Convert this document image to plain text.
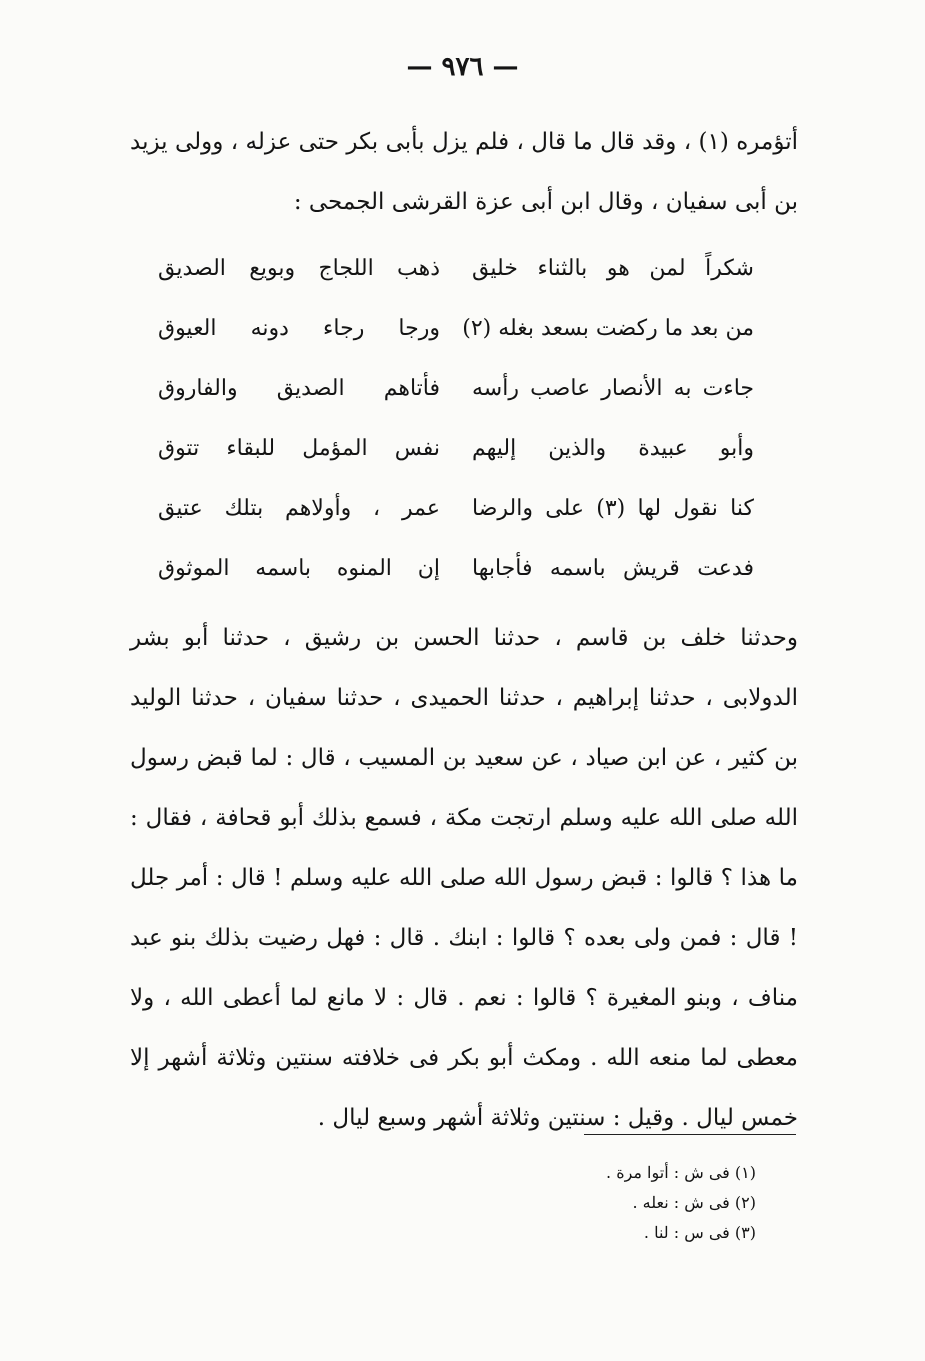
— ٩٧٦ —

أتؤمره (١) ، وقد قال ما قال ، فلم يزل بأبى بكر حتى عزله ، وولى يزيد بن أبى سفيان ، وقال ابن أبى عزة القرشى الجمحى :

شكراً لمن هو بالثناء خليق
ذهب اللجاج وبويع الصديق
من بعد ما ركضت بسعد بغله (٢)
ورجا رجاء دونه العيوق
جاءت به الأنصار عاصب رأسه
فأتاهم الصديق والفاروق
وأبو عبيدة والذين إليهم
نفس المؤمل للبقاء تتوق
كنا نقول لها (٣) على والرضا
عمر ، وأولاهم بتلك عتيق
فدعت قريش باسمه فأجابها
إن المنوه باسمه الموثوق

وحدثنا خلف بن قاسم ، حدثنا الحسن بن رشيق ، حدثنا أبو بشر الدولابى ، حدثنا إبراهيم ، حدثنا الحميدى ، حدثنا سفيان ، حدثنا الوليد بن كثير ، عن ابن صياد ، عن سعيد بن المسيب ، قال : لما قبض رسول الله صلى الله عليه وسلم ارتجت مكة ، فسمع بذلك أبو قحافة ، فقال : ما هذا ؟ قالوا : قبض رسول الله صلى الله عليه وسلم ! قال : أمر جلل ! قال : فمن ولى بعده ؟ قالوا : ابنك . قال : فهل رضيت بذلك بنو عبد مناف ، وبنو المغيرة ؟ قالوا : نعم . قال : لا مانع لما أعطى الله ، ولا معطى لما منعه الله . ومكث أبو بكر فى خلافته سنتين وثلاثة أشهر إلا خمس ليال . وقيل : سنتين وثلاثة أشهر وسبع ليال .

(١) فى ش : أتوا مرة .

(٢) فى ش : نعله .

(٣) فى س : لنا .
